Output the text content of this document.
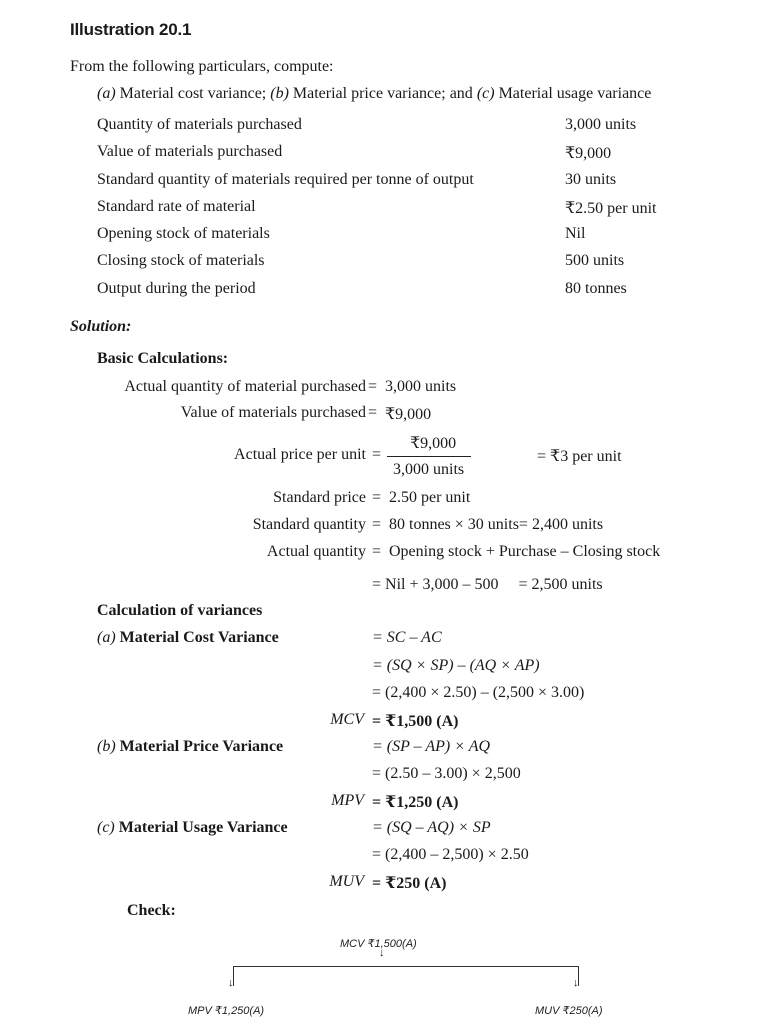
Illustration 20.1
From the following particulars, compute:
(a) Material cost variance; (b) Material price variance; and (c) Material usage variance
Quantity of materials purchased	3,000 units
Value of materials purchased	₹9,000
Standard quantity of materials required per tonne of output	30 units
Standard rate of material	₹2.50 per unit
Opening stock of materials	Nil
Closing stock of materials	500 units
Output during the period	80 tonnes
Solution:
Basic Calculations:
Actual quantity of material purchased = 3,000 units
Value of materials purchased = ₹9,000
Actual price per unit =
₹9,000
3,000 units
= ₹3 per unit
Standard price = 2.50 per unit
Standard quantity = 80 tonnes × 30 units= 2,400 units
Actual quantity = Opening stock + Purchase – Closing stock
= Nil + 3,000 – 500     = 2,500 units
Calculation of variances
(a) Material Cost Variance	= SC – AC
= (SQ × SP) – (AQ × AP)
= (2,400 × 2.50) – (2,500 × 3.00)
MCV = ₹1,500 (A)
(b) Material Price Variance	= (SP – AP) × AQ
= (2.50 – 3.00) × 2,500
MPV = ₹1,250 (A)
(c) Material Usage Variance	= (SQ – AQ) × SP
= (2,400 – 2,500) × 2.50
MUV = ₹250 (A)
Check:
MCV ₹1,500(A)
↓
↓	↓
MPV ₹1,250(A)	MUV ₹250(A)
